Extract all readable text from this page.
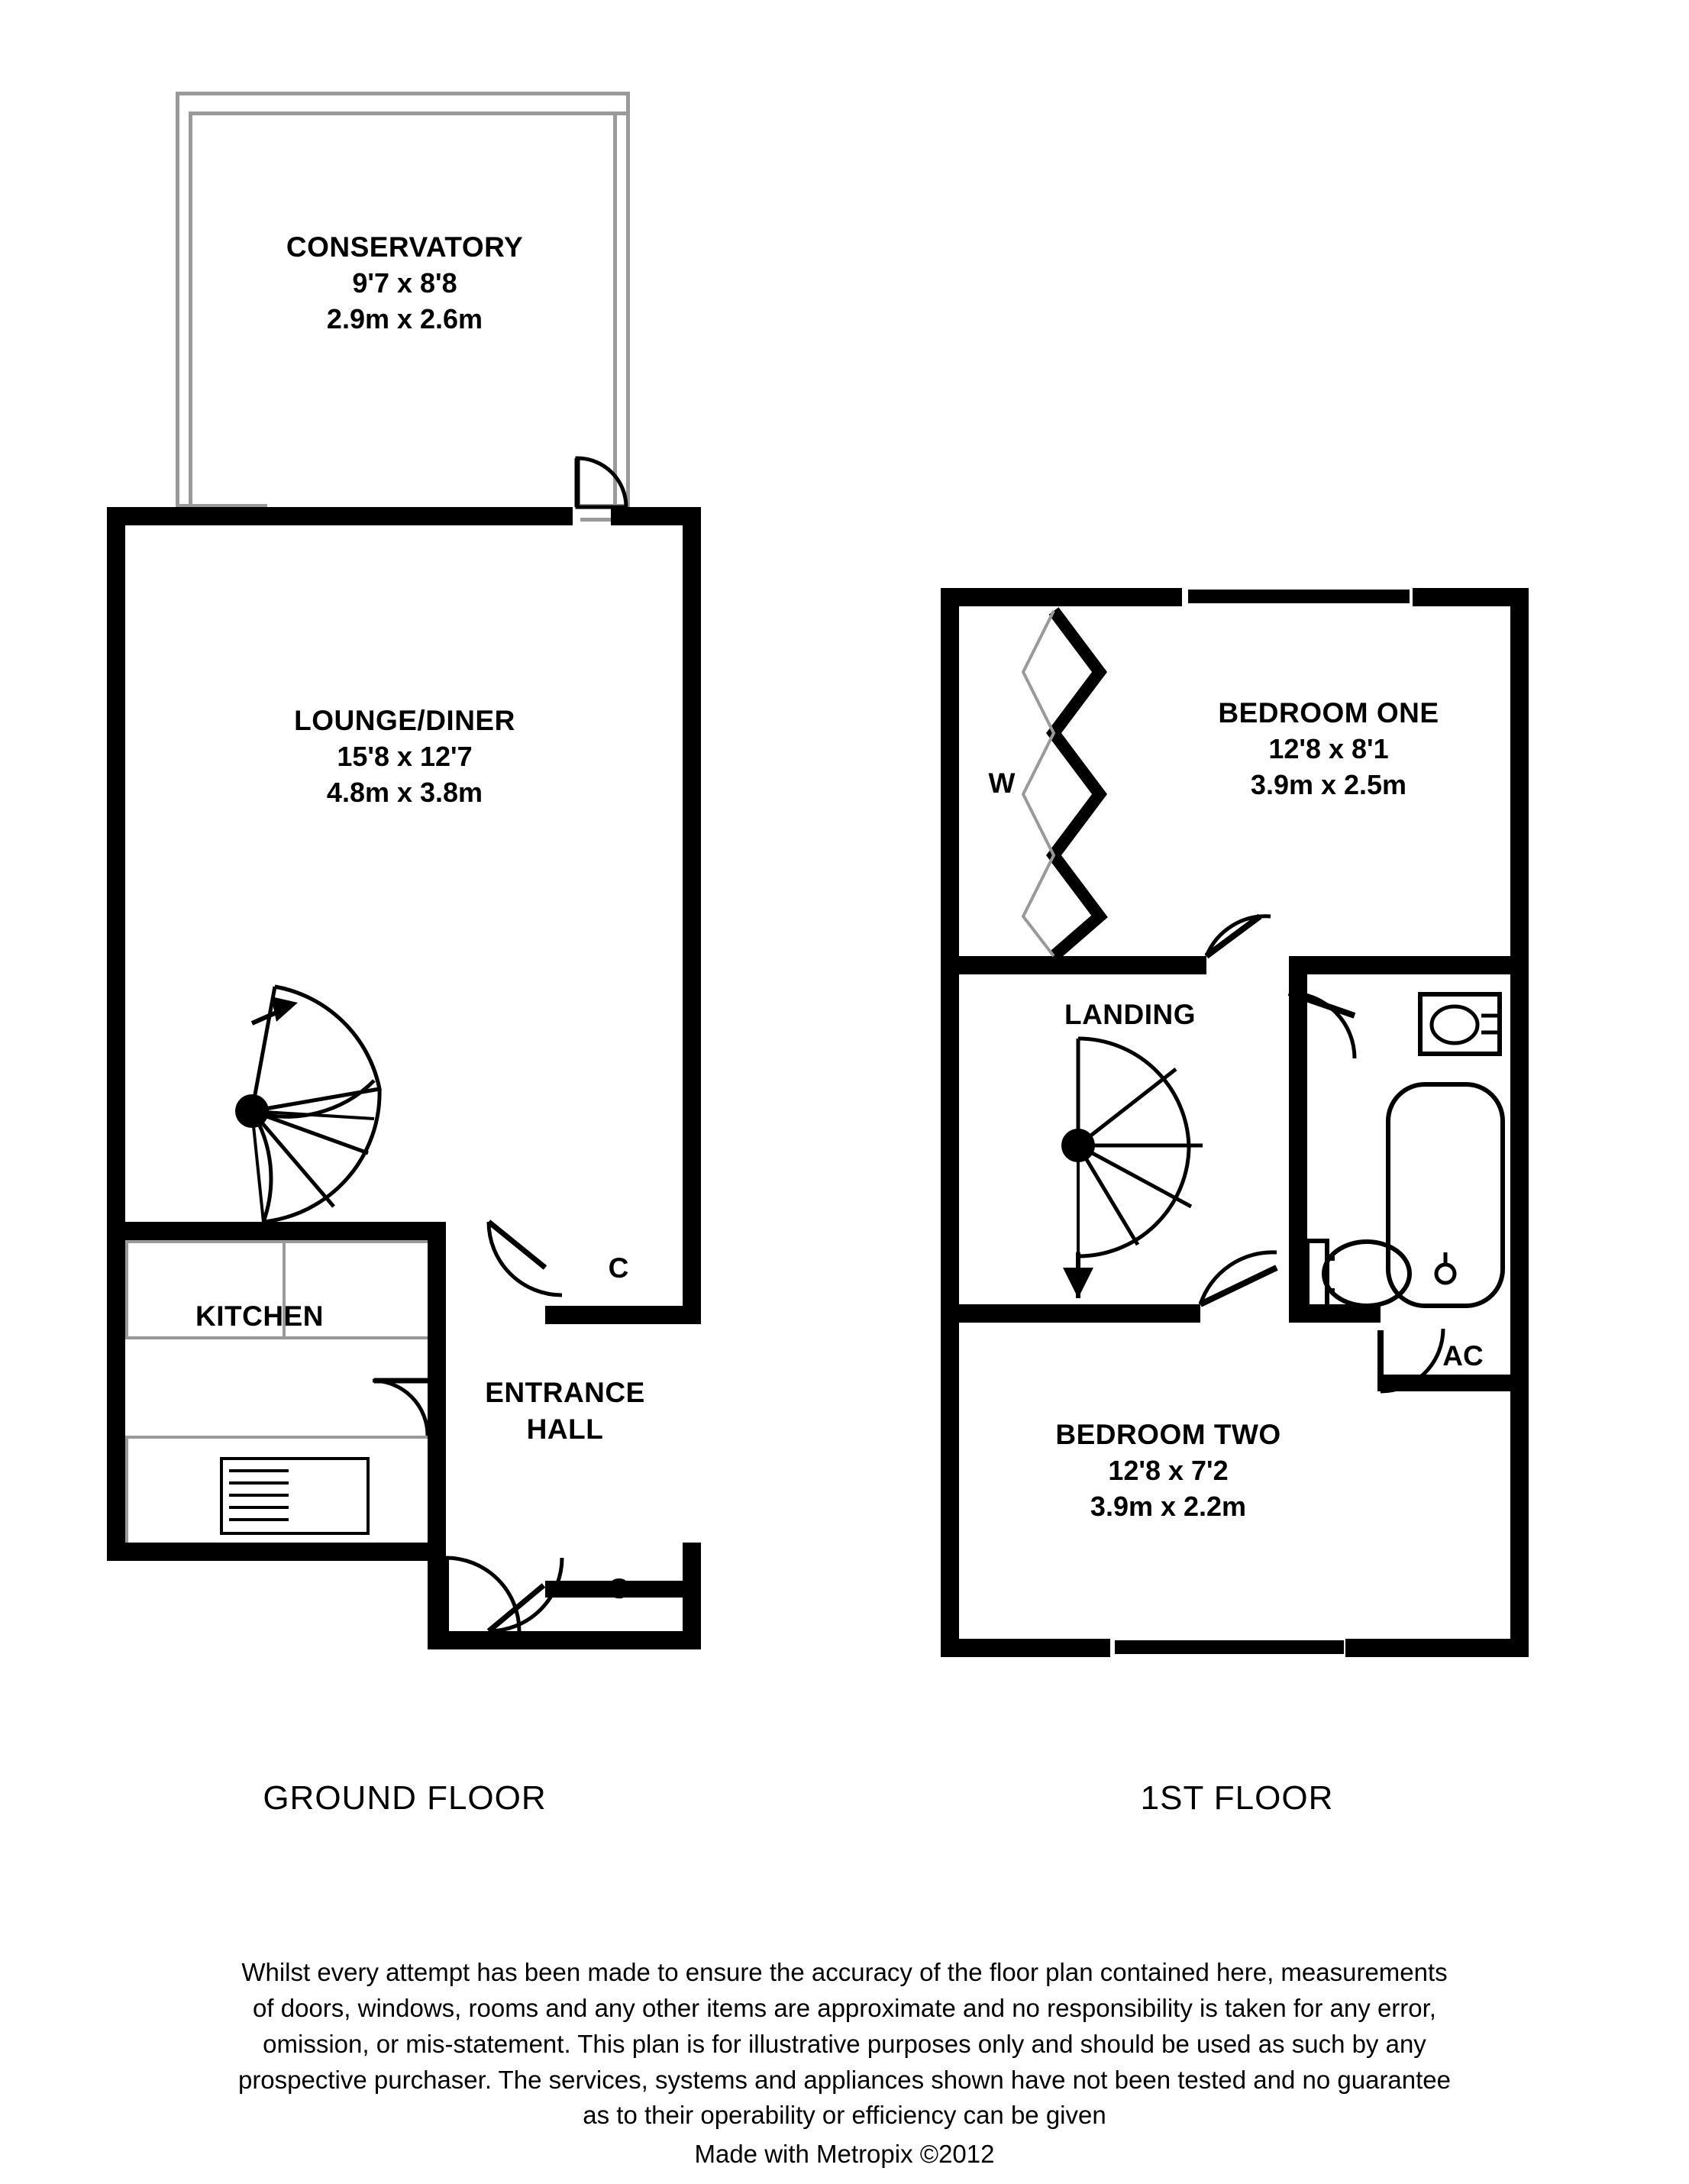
CONSERVATORY
9'7 x 8'8
2.9m x 2.6m
LOUNGE/DINER
15'8 x 12'7
4.8m x 3.8m
KITCHEN
ENTRANCE
HALL
C
C
GROUND FLOOR
BEDROOM ONE
12'8 x 8'1
3.9m x 2.5m
LANDING
BEDROOM TWO
12'8 x 7'2
3.9m x 2.2m
W
AC
1ST FLOOR
Whilst every attempt has been made to ensure the accuracy of the floor plan contained here, measurements
of doors, windows, rooms and any other items are approximate and no responsibility is taken for any error,
omission, or mis-statement. This plan is for illustrative purposes only and should be used as such by any
prospective purchaser. The services, systems and appliances shown have not been tested and no guarantee
as to their operability or efficiency can be given
Made with Metropix ©2012
